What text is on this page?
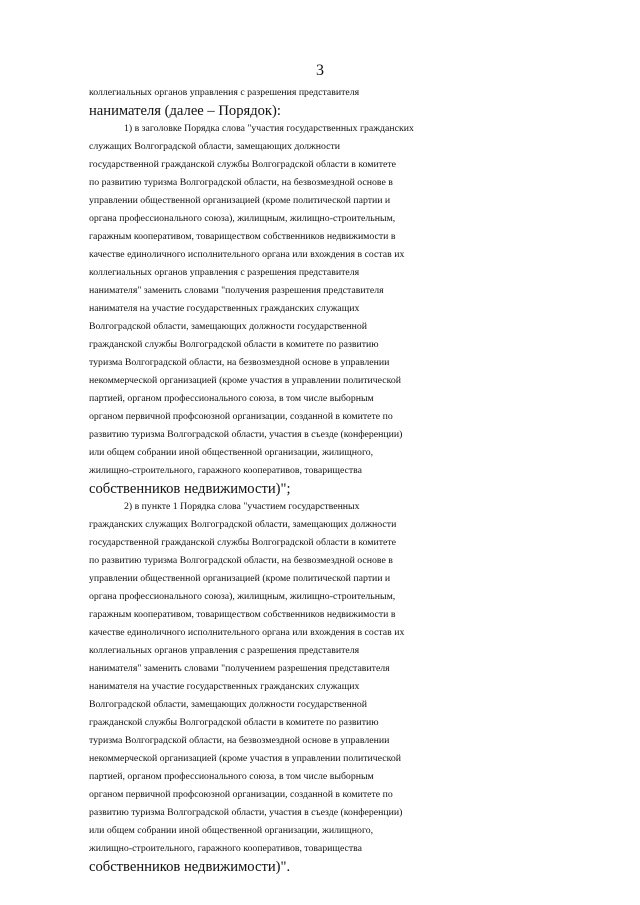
3
коллегиальных органов управления с разрешения представителя
нанимателя (далее – Порядок):
1) в заголовке Порядка слова "участия государственных гражданских
служащих Волгоградской области, замещающих должности
государственной гражданской службы Волгоградской области в комитете
по развитию туризма Волгоградской области, на безвозмездной основе в
управлении общественной организацией (кроме политической партии и
органа профессионального союза), жилищным, жилищно-строительным,
гаражным кооперативом, товариществом собственников недвижимости в
качестве единоличного исполнительного органа или вхождения в состав их
коллегиальных органов управления с разрешения представителя
нанимателя" заменить словами "получения разрешения представителя
нанимателя на участие государственных гражданских служащих
Волгоградской области, замещающих должности государственной
гражданской службы Волгоградской области в комитете по развитию
туризма Волгоградской области, на безвозмездной основе в управлении
некоммерческой организацией (кроме участия в управлении политической
партией, органом профессионального союза, в том числе выборным
органом первичной профсоюзной организации, созданной в комитете по
развитию туризма Волгоградской области, участия в съезде (конференции)
или общем собрании иной общественной организации, жилищного,
жилищно-строительного, гаражного кооперативов, товарищества
собственников недвижимости)";
2) в пункте 1 Порядка слова "участием государственных
гражданских служащих Волгоградской области, замещающих должности
государственной гражданской службы Волгоградской области в комитете
по развитию туризма Волгоградской области, на безвозмездной основе в
управлении общественной организацией (кроме политической партии и
органа профессионального союза), жилищным, жилищно-строительным,
гаражным кооперативом, товариществом собственников недвижимости в
качестве единоличного исполнительного органа или вхождения в состав их
коллегиальных органов управления с разрешения представителя
нанимателя" заменить словами "получением разрешения представителя
нанимателя на участие государственных гражданских служащих
Волгоградской области, замещающих должности государственной
гражданской службы Волгоградской области в комитете по развитию
туризма Волгоградской области, на безвозмездной основе в управлении
некоммерческой организацией (кроме участия в управлении политической
партией, органом профессионального союза, в том числе выборным
органом первичной профсоюзной организации, созданной в комитете по
развитию туризма Волгоградской области, участия в съезде (конференции)
или общем собрании иной общественной организации, жилищного,
жилищно-строительного, гаражного кооперативов, товарищества
собственников недвижимости)".
